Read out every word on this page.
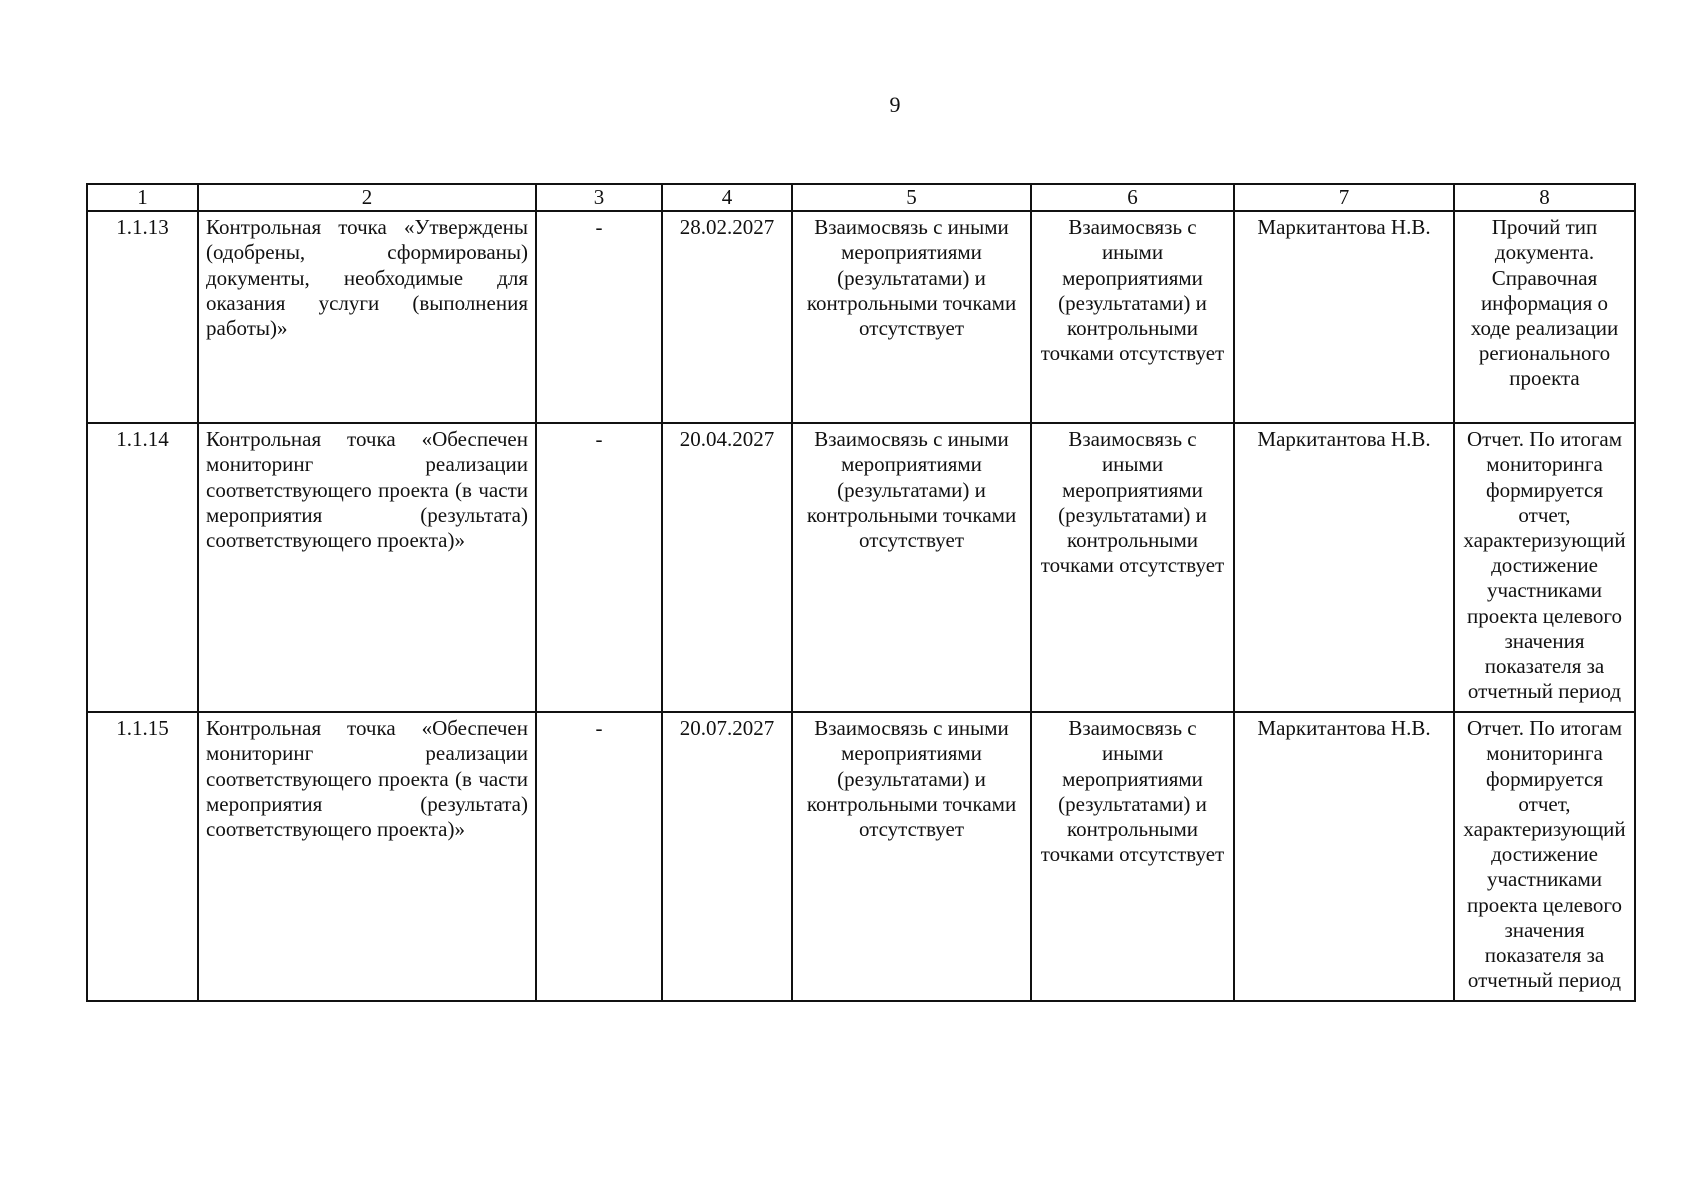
9
1	2	3	4	5	6	7	8
1.1.13	Контрольная точка «Утверждены (одобрены, сформированы) документы, необходимые для оказания услуги (выполнения работы)»	-	28.02.2027	Взаимосвязь с иными мероприятиями (результатами) и контрольными точками отсутствует	Взаимосвязь с иными мероприятиями (результатами) и контрольными точками отсутствует	Маркитантова Н.В.	Прочий тип документа. Справочная информация о ходе реализации регионального проекта
1.1.14	Контрольная точка «Обеспечен мониторинг реализации соответствующего проекта (в части мероприятия (результата) соответствующего проекта)»	-	20.04.2027	Взаимосвязь с иными мероприятиями (результатами) и контрольными точками отсутствует	Взаимосвязь с иными мероприятиями (результатами) и контрольными точками отсутствует	Маркитантова Н.В.	Отчет. По итогам мониторинга формируется отчет, характеризующий достижение участниками проекта целевого значения показателя за отчетный период
1.1.15	Контрольная точка «Обеспечен мониторинг реализации соответствующего проекта (в части мероприятия (результата) соответствующего проекта)»	-	20.07.2027	Взаимосвязь с иными мероприятиями (результатами) и контрольными точками отсутствует	Взаимосвязь с иными мероприятиями (результатами) и контрольными точками отсутствует	Маркитантова Н.В.	Отчет. По итогам мониторинга формируется отчет, характеризующий достижение участниками проекта целевого значения показателя за отчетный период
